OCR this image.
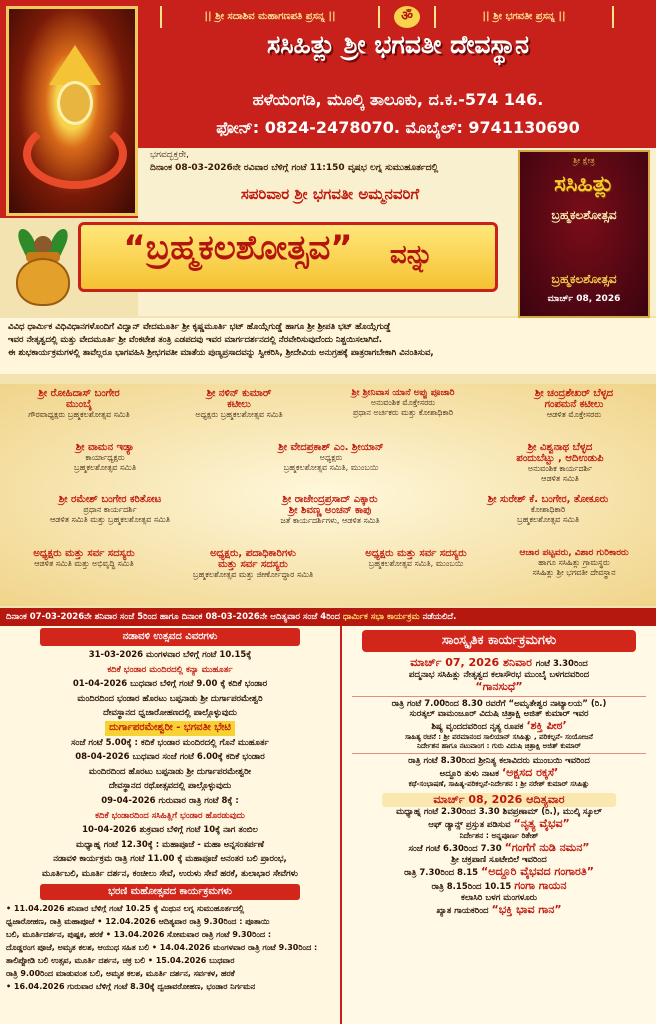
|| ಶ್ರೀ ಸದಾಶಿವ ಮಹಾಗಣಪತಿ ಪ್ರಸನ್ನ ||	ॐ	|| ಶ್ರೀ ಭಗವತೀ ಪ್ರಸನ್ನ ||
ಸಸಿಹಿತ್ಲು ಶ್ರೀ ಭಗವತೀ ದೇವಸ್ಥಾನ
ಹಳೆಯಂಗಡಿ, ಮೂಲ್ಕಿ ತಾಲೂಕು, ದ.ಕ.-574 146.
ಫೋನ್: 0824-2478070. ಮೊಬೈಲ್: 9741130690
ಭಗವದ್ಭಕ್ತರೇ,
ದಿನಾಂಕ 08-03-2026ನೇ ರವಿವಾರ ಬೆಳಿಗ್ಗೆ ಗಂಟೆ 11:150 ವೃಷಭ ಲಗ್ನ ಸುಮುಹೂರ್ತದಲ್ಲಿ
ಸಪರಿವಾರ ಶ್ರೀ ಭಗವತೀ ಅಮ್ಮನವರಿಗೆ
“ಬ್ರಹ್ಮಕಲಶೋತ್ಸವ”	ವನ್ನು
ಶ್ರೀ ಕ್ಷೇತ್ರ
ಸಸಿಹಿತ್ಲು
ಬ್ರಹ್ಮಕಲಶೋತ್ಸವ
ಬ್ರಹ್ಮಕಲಶೋತ್ಸವ
ಮಾರ್ಚ್ 08, 2026
ವಿವಿಧ ಧಾರ್ಮಿಕ ವಿಧಿವಿಧಾನಗಳೊಂದಿಗೆ ವಿದ್ವಾನ್ ವೇದಮೂರ್ತಿ ಶ್ರೀ ಕೃಷ್ಣಮೂರ್ತಿ ಭಟ್ ಹೊಯ್ಗೆಗುಡ್ಡೆ ಹಾಗೂ ಶ್ರೀ ಶ್ರೀಪತಿ ಭಟ್ ಹೊಯ್ಗೆಗುಡ್ಡೆ
ಇವರ ನೇತೃತ್ವದಲ್ಲಿ ಮತ್ತು ವೇದಮೂರ್ತಿ ಶ್ರೀ ವೆಂಕಟೇಶ ತಂತ್ರಿ ಎಡಪದವು ಇವರ ಮಾರ್ಗದರ್ಶನದಲ್ಲಿ ನೆರವೇರಿಸುವುದೆಂದು ನಿಶ್ಚಯಿಸಲಾಗಿದೆ.
ಈ ಶುಭಕಾರ್ಯಕ್ರಮಗಳಲ್ಲಿ ತಾವೆಲ್ಲರೂ ಭಾಗವಹಿಸಿ ಶ್ರೀಭಗವತೀ ಮಾತೆಯ ಪುಣ್ಯಪ್ರಸಾದವನ್ನು ಸ್ವೀಕರಿಸಿ, ಶ್ರೀದೇವಿಯ ಅನುಗ್ರಹಕ್ಕೆ ಪಾತ್ರರಾಗಬೇಕಾಗಿ ವಿನಂತಿಸುವ,
ಶ್ರೀ ರೋಹಿದಾಸ್ ಬಂಗೇರ
ಮುಂಬೈ
ಗೌರವಾಧ್ಯಕ್ಷರು ಬ್ರಹ್ಮಕಲಶೋತ್ಸವ ಸಮಿತಿ
ಶ್ರೀ ನಳಿನ್ ಕುಮಾರ್
ಕಟೀಲು
ಅಧ್ಯಕ್ಷರು ಬ್ರಹ್ಮಕಲಶೋತ್ಸವ ಸಮಿತಿ
ಶ್ರೀ ಶ್ರೀನಿವಾಸ ಯಾನೆ ಅಪ್ಪು ಪೂಜಾರಿ
ಅನುವಂಶಿಕ ಮೊಕ್ತೇಸರರು
ಪ್ರಧಾನ ಅರ್ಚಕರು ಮತ್ತು ಕೋಶಾಧಿಕಾರಿ
ಶ್ರೀ ಚಂದ್ರಶೇಖರ್ ಬೆಳ್ಳದ
ಗಂಪಮನೆ ಕಟೀಲು
ಆಡಳಿತ ಮೊಕ್ತೇಸರರು
ಶ್ರೀ ವಾಮನ ಇಡ್ಯಾ
ಕಾರ್ಯಾಧ್ಯಕ್ಷರು
ಬ್ರಹ್ಮಕಲಶೋತ್ಸವ ಸಮಿತಿ
ಶ್ರೀ ವೇದಪ್ರಕಾಶ್ ಎಂ. ಶ್ರೀಯಾನ್
ಅಧ್ಯಕ್ಷರು
ಬ್ರಹ್ಮಕಲಶೋತ್ಸವ ಸಮಿತಿ, ಮುಂಬಯಿ
ಶ್ರೀ ವಿಶ್ವನಾಥ ಬೆಳ್ಳದ
ಪಂದುಬೆಟ್ಟು , ಆದಿಉಡುಪಿ
ಅನುವಂಶಿಕ ಕಾರ್ಯದರ್ಶಿ
ಆಡಳಿತ ಸಮಿತಿ
ಶ್ರೀ ರಮೇಶ್ ಬಂಗೇರ ಕರಿತೋಟ
ಪ್ರಧಾನ ಕಾರ್ಯದರ್ಶಿ
ಆಡಳಿತ ಸಮಿತಿ ಮತ್ತು ಬ್ರಹ್ಮಕಲಶೋತ್ಸವ ಸಮಿತಿ
ಶ್ರೀ ರಾಜೇಂದ್ರಪ್ರಸಾದ್ ಎಕ್ಕಾರು
ಶ್ರೀ ಶಿವಣ್ಣ ಅಂಚನ್ ಕಾಪು
ಜತೆ ಕಾರ್ಯದರ್ಶಿಗಳು, ಆಡಳಿತ ಸಮಿತಿ
ಶ್ರೀ ಸುರೇಶ್ ಕೆ. ಬಂಗೇರ, ತೋಕೂರು
ಕೋಶಾಧಿಕಾರಿ
ಬ್ರಹ್ಮಕಲಶೋತ್ಸವ ಸಮಿತಿ
ಅಧ್ಯಕ್ಷರು ಮತ್ತು ಸರ್ವ ಸದಸ್ಯರು
ಆಡಳಿತ ಸಮಿತಿ ಮತ್ತು ಅಭಿವೃದ್ಧಿ ಸಮಿತಿ
ಅಧ್ಯಕ್ಷರು, ಪದಾಧಿಕಾರಿಗಳು
ಮತ್ತು ಸರ್ವ ಸದಸ್ಯರು
ಬ್ರಹ್ಮಕಲಶೋತ್ಸವ ಮತ್ತು ಜೀರ್ಣೋದ್ಧಾರ ಸಮಿತಿ
ಅಧ್ಯಕ್ಷರು ಮತ್ತು ಸರ್ವ ಸದಸ್ಯರು
ಬ್ರಹ್ಮಕಲಶೋತ್ಸವ ಸಮಿತಿ, ಮುಂಬಯಿ
ಆಚಾರ ಪಟ್ಟವರು, ವಿಶಾರ ಗುರಿಕಾರರು
ಹಾಗೂ ಸಸಿಹಿತ್ಲು ಗ್ರಾಮಸ್ಥರು
ಸಸಿಹಿತ್ಲು ಶ್ರೀ ಭಗವತೀ ದೇವಸ್ಥಾನ
ದಿನಾಂಕ 07-03-2026ನೇ ಶನಿವಾರ ಸಂಜೆ 5ರಿಂದ ಹಾಗೂ ದಿನಾಂಕ 08-03-2026ನೇ ಆದಿತ್ಯವಾರ ಸಂಜೆ 4ರಿಂದ ಧಾರ್ಮಿಕ ಸಭಾ ಕಾರ್ಯಕ್ರಮ ನಡೆಯಲಿದೆ.
ನಡಾವಳಿ ಉತ್ಸವದ ವಿವರಗಳು
31-03-2026 ಮಂಗಳವಾರ ಬೆಳಿಗ್ಗೆ ಗಂಟೆ 10.15ಕ್ಕೆ
ಕದಿಕೆ ಭಂಡಾರ ಮಂದಿರದಲ್ಲಿ ಕನ್ಯಾ ಮುಹೂರ್ತ
01-04-2026 ಬುಧವಾರ ಬೆಳಿಗ್ಗೆ ಗಂಟೆ 9.00 ಕ್ಕೆ ಕದಿಕೆ ಭಂಡಾರ
ಮಂದಿರದಿಂದ ಭಂಡಾರ ಹೊರಟು ಬಪ್ಪನಾಡು ಶ್ರೀ ದುರ್ಗಾಪರಮೇಶ್ವರಿ
ದೇವಸ್ಥಾನದ ಧ್ವಜಾರೋಹಣದಲ್ಲಿ ಪಾಲ್ಗೊಳ್ಳುವುದು
ದುರ್ಗಾಪರಮೇಶ್ವರೀ - ಭಗವತೀ ಭೇಟಿ
ಸಂಜೆ ಗಂಟೆ 5.00ಕ್ಕೆ : ಕದಿಕೆ ಭಂಡಾರ ಮಂದಿರದಲ್ಲಿ ಗೊನೆ ಮುಹೂರ್ತ
08-04-2026 ಬುಧವಾರ ಸಂಜೆ ಗಂಟೆ 6.00ಕ್ಕೆ ಕದಿಕೆ ಭಂಡಾರ
ಮಂದಿರದಿಂದ ಹೊರಟು ಬಪ್ಪನಾಡು ಶ್ರೀ ದುರ್ಗಾಪರಮೇಶ್ವರೀ
ದೇವಸ್ಥಾನದ ರಥೋತ್ಸವದಲ್ಲಿ ಪಾಲ್ಗೊಳ್ಳುವುದು
09-04-2026 ಗುರುವಾರ ರಾತ್ರಿ ಗಂಟೆ 8ಕ್ಕೆ :
ಕದಿಕೆ ಭಂಡಾರದಿಂದ ಸಸಿಹಿತ್ಲಿಗೆ ಭಂಡಾರ ಹೊರಡುವುದು
10-04-2026 ಶುಕ್ರವಾರ ಬೆಳಿಗ್ಗೆ ಗಂಟೆ 10ಕ್ಕೆ ನಾಗ ತಂಬಿಲ
ಮಧ್ಯಾಹ್ನ ಗಂಟೆ 12.30ಕ್ಕೆ : ಮಹಾಪೂಜೆ - ಮಹಾ ಅನ್ನಸಂತರ್ಪಣೆ
ನಡಾವಳಿ ಕಾರ್ಯಕ್ರಮ ರಾತ್ರಿ ಗಂಟೆ 11.00 ಕ್ಕೆ ಮಹಾಪೂಜೆ ಅನಂತರ ಬಲಿ ಪ್ರಾರಂಭ,
ಮೂರ್ತಿಬಲಿ, ಮೂರ್ತಿ ದರ್ಶನ, ಕಂಚೀಲು ಸೇವೆ, ಉರುಳು ಸೇವೆ ಹರಕೆ, ತುಲಾಭಾರ ಸೇವೆಗಳು
ಭರಣಿ ಮಹೋತ್ಸವದ ಕಾರ್ಯಕ್ರಮಗಳು
• 11.04.2026 ಶನಿವಾರ ಬೆಳಿಗ್ಗೆ ಗಂಟೆ 10.25 ಕ್ಕೆ ಮಿಥುನ ಲಗ್ನ ಸುಮುಹೂರ್ತದಲ್ಲಿ
ಧ್ವಜಾರೋಹಣ, ರಾತ್ರಿ ಮಹಾಪೂಜೆ • 12.04.2026 ಆದಿತ್ಯವಾರ ರಾತ್ರಿ 9.30ರಿಂದ : ಪೂತಾಯಿ
ಬಲಿ, ಮೂರ್ತಿದರ್ಶನ, ಪುಷ್ಪಕ, ಹರಕೆ • 13.04.2026 ಸೋಮವಾರ ರಾತ್ರಿ ಗಂಟೆ 9.30ರಿಂದ :
ದೊಡ್ಡರಂಗ ಪೂಜೆ, ಅಮೃತ ಕಲಶ, ಆಯುಧ ಸಹಿತ ಬಲಿ • 14.04.2026 ಮಂಗಳವಾರ ರಾತ್ರಿ ಗಂಟೆ 9.30ರಿಂದ :
ತಾಲಿಪ್ಪೋಡಿ ಬಲಿ ಉತ್ಸವ, ಮೂರ್ತಿ ದರ್ಶನ, ಚಕ್ರ ಬಲಿ • 15.04.2026 ಬುಧವಾರ
ರಾತ್ರಿ 9.00ರಿಂದ ಮಾಡುವಂತ ಬಲಿ, ಅಮೃತ ಕಲಶ, ಮೂರ್ತಿ ದರ್ಶನ, ಸರ್ವಕಳ, ಹರಕೆ
• 16.04.2026 ಗುರುವಾರ ಬೆಳಿಗ್ಗೆ ಗಂಟೆ 8.30ಕ್ಕೆ ದ್ವಜಾವರೋಹಣ, ಭಂಡಾರ ನಿರ್ಗಮನ
ಸಾಂಸ್ಕೃತಿಕ ಕಾರ್ಯಕ್ರಮಗಳು
ಮಾರ್ಚ್ 07, 2026 ಶನಿವಾರ ಗಂಟೆ 3.30ರಿಂದ
ಪದ್ಮನಾಭ ಸಸಿಹಿತ್ಲು ನೇತೃತ್ವದ ಕಲಾಸೌರಭ ಮುಂಬೈ ಬಳಗದವರಿಂದ
“ಗಾನಸುಧೆ”
ರಾತ್ರಿ ಗಂಟೆ 7.00ರಿಂದ 8.30 ರವರೆಗೆ “ಅಮೃತೇಶ್ವರ ನಾಟ್ಯಾಲಯ” (ರಿ.)
ಸುರತ್ಕಲ್ ವಾಮಂಜೂರ್ ವಿದುಷಿ ಚಿತ್ರಾಕ್ಷಿ ಅಜಿತ್ ಕುಮಾರ್ ಇವರ
ಶಿಷ್ಯ ವೃಂದದವರಿಂದ ನೃತ್ಯ ರೂಪಕ ‘ಶಕ್ತಿ ಪೀಠ’
ಸಾಹಿತ್ಯ ರಚನೆ : ಶ್ರೀ ಪರಮಾನಂದ ಸಾಲಿಯಾನ್ ಸಸಿಹಿತ್ಲು , ಪರಿಕಲ್ಪನೆ- ಸಂಯೋಜನೆ
ನಿರ್ದೇಶನ ಹಾಗೂ ನಟುವಾಂಗ : ಗುರು ವಿದುಷಿ ಚಿತ್ರಾಕ್ಷಿ ಅಜಿತ್ ಕುಮಾರ್
ರಾತ್ರಿ ಗಂಟೆ 8.30ರಿಂದ ಶ್ರೀನಿತ್ಯ ಕಲಾವಿದರು ಮುಂಬಯಿ ಇವರಿಂದ
ಅದ್ದೂರಿ ತುಳು ನಾಟಕ ‘ಅಕ್ಷಸದ ರಕ್ಕಸೆ’
ಕಥೆ-ಸಂಭಾಷಣೆ, ಸಾಹಿತ್ಯ-ಪರಿಕಲ್ಪನೆ-ನಿರ್ದೇಶನ : ಶ್ರೀ ನರೇಶ್ ಕುಮಾರ್ ಸಸಿಹಿತ್ಲು
ಮಾರ್ಚ್ 08, 2026 ಆದಿತ್ಯವಾರ
ಮಧ್ಯಾಹ್ನ ಗಂಟೆ 2.30ರಿಂದ 3.30 ಶಿವಪ್ರಣಾಮ್ (ರಿ.), ಮುಲ್ಕಿ ಸ್ಕೂಲ್
ಆಫ್ ಡ್ಯಾನ್ಸ್ ಪ್ರಸ್ತುತ ಪಡಿಸುವ “ನೃತ್ಯ ವೈಭವ”
ನಿರ್ದೇಶನ : ಅನ್ನಪೂರ್ಣ ರಿತೇಶ್
ಸಂಜೆ ಗಂಟೆ 6.30ರಿಂದ 7.30 “ಗಂಗೆಗೆ ನುಡಿ ನಮನ”
ಶ್ರೀ ಚಕ್ರಪಾಣಿ ಸೂಟೇಬಿಲೆ ಇವರಿಂದ
ರಾತ್ರಿ 7.30ರಿಂದ 8.15 “ಅದ್ದೂರಿ ವೈಭವದ ಗಂಗಾರತಿ”
ರಾತ್ರಿ 8.15ರಿಂದ 10.15 ಗಂಗಾ ಗಾಯನ
ಕಲಾಸಿರಿ ಬಳಗ ಮಂಗಳೂರು
ಖ್ಯಾತ ಗಾಯಕರಿಂದ “ಭಕ್ತಿ ಭಾವ ಗಾನ”
